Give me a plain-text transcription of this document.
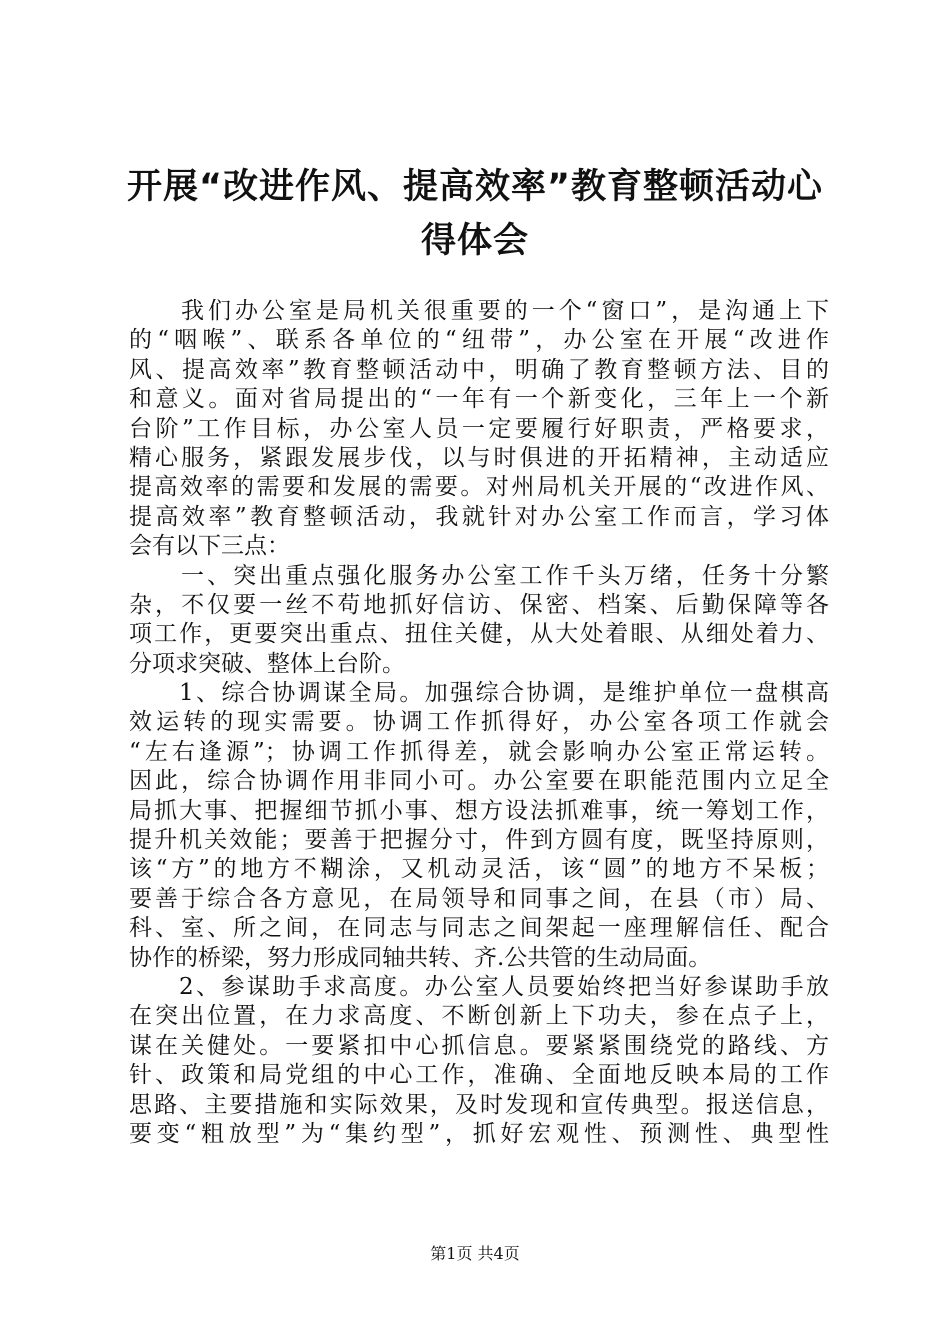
开展“改进作风、提高效率”教育整顿活动心
得体会
我们办公室是局机关很重要的一个“窗口”，是沟通上下
的“咽喉”、联系各单位的“纽带”，办公室在开展“改进作
风、提高效率”教育整顿活动中，明确了教育整顿方法、目的
和意义。面对省局提出的“一年有一个新变化，三年上一个新
台阶”工作目标，办公室人员一定要履行好职责，严格要求，
精心服务，紧跟发展步伐，以与时俱进的开拓精神，主动适应
提高效率的需要和发展的需要。对州局机关开展的“改进作风、
提高效率”教育整顿活动，我就针对办公室工作而言，学习体
会有以下三点：
一、突出重点强化服务办公室工作千头万绪，任务十分繁
杂，不仅要一丝不苟地抓好信访、保密、档案、后勤保障等各
项工作，更要突出重点、扭住关健，从大处着眼、从细处着力、
分项求突破、整体上台阶。
1、综合协调谋全局。加强综合协调，是维护单位一盘棋高
效运转的现实需要。协调工作抓得好，办公室各项工作就会
“左右逢源”；协调工作抓得差，就会影响办公室正常运转。
因此，综合协调作用非同小可。办公室要在职能范围内立足全
局抓大事、把握细节抓小事、想方设法抓难事，统一筹划工作，
提升机关效能；要善于把握分寸，件到方圆有度，既坚持原则，
该“方”的地方不糊涂，又机动灵活，该“圆”的地方不呆板；
要善于综合各方意见，在局领导和同事之间，在县（市）局、
科、室、所之间，在同志与同志之间架起一座理解信任、配合
协作的桥梁，努力形成同轴共转、齐.公共管的生动局面。
2、参谋助手求高度。办公室人员要始终把当好参谋助手放
在突出位置，在力求高度、不断创新上下功夫，参在点子上，
谋在关健处。一要紧扣中心抓信息。要紧紧围绕党的路线、方
针、政策和局党组的中心工作，准确、全面地反映本局的工作
思路、主要措施和实际效果，及时发现和宣传典型。报送信息，
要变“粗放型”为“集约型”，抓好宏观性、预测性、典型性
第1页 共4页
